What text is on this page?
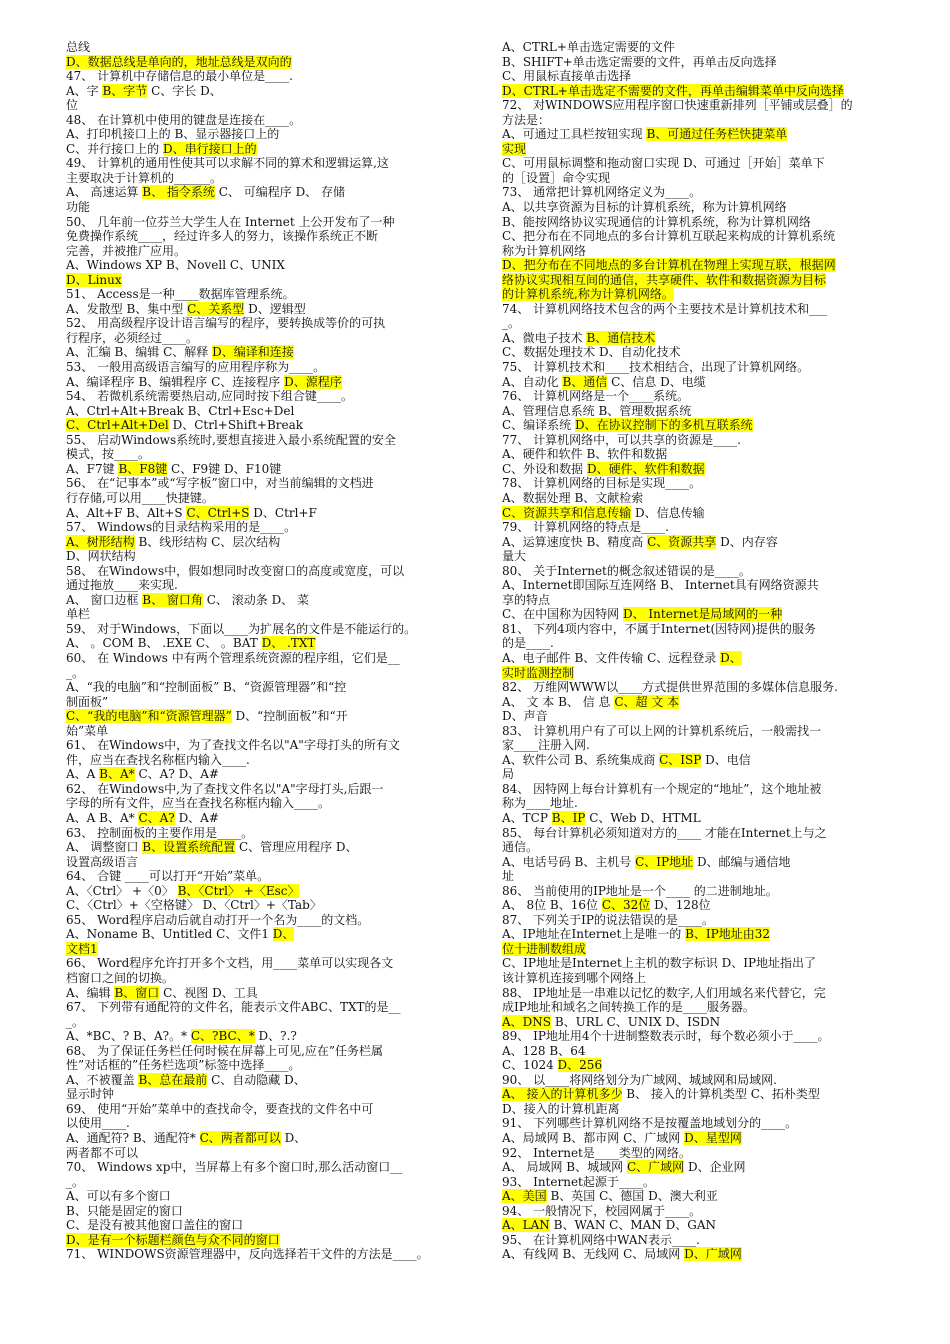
总线
D、数据总线是单向的，地址总线是双向的
47、 计算机中存储信息的最小单位是____.
A、字 B、字节 C、字长 D、
位
48、 在计算机中使用的键盘是连接在____。
A、打印机接口上的 B、显示器接口上的
C、并行接口上的 D、串行接口上的
49、 计算机的通用性使其可以求解不同的算术和逻辑运算,这
主要取决于计算机的______。
A、 高速运算 B、 指令系统 C、 可编程序 D、 存储
功能
50、 几年前一位芬兰大学生人在 Internet 上公开发布了一种
免费操作系统____，经过许多人的努力，该操作系统正不断
完善，并被推广应用。
A、Windows XP B、Novell C、UNIX
D、Linux
51、 Access是一种____数据库管理系统。
A、发散型 B、集中型 C、关系型 D、逻辑型
52、 用高级程序设计语言编写的程序，要转换成等价的可执
行程序，必须经过____。
A、汇编 B、编辑 C、解释 D、编译和连接
53、 一般用高级语言编写的应用程序称为____。
A、编译程序 B、编辑程序 C、连接程序 D、源程序
54、 若微机系统需要热启动,应同时按下组合键____。
A、Ctrl+Alt+Break B、Ctrl+Esc+Del
C、Ctrl+Alt+Del D、Ctrl+Shift+Break
55、 启动Windows系统时,要想直接进入最小系统配置的安全
模式，按____。
A、F7键 B、F8键 C、F9键 D、F10键
56、 在“记事本”或“写字板”窗口中，对当前编辑的文档进
行存储,可以用____快捷键。
A、Alt+F B、Alt+S C、Ctrl+S D、Ctrl+F
57、 Windows的目录结构采用的是____。
A、树形结构 B、线形结构 C、层次结构
D、网状结构
58、 在Windows中，假如想同时改变窗口的高度或宽度，可以
通过拖放____来实现.
A、 窗口边框 B、 窗口角 C、 滚动条 D、 菜
单栏
59、 对于Windows，下面以____为扩展名的文件是不能运行的。
A、 。COM B、 .EXE C、 。BAT D、 .TXT
60、 在 Windows 中有两个管理系统资源的程序组，它们是__
_。
A、“我的电脑”和“控制面板” B、“资源管理器”和“控
制面板”
C、“我的电脑”和“资源管理器” D、“控制面板”和“开
始”菜单
61、 在Windows中，为了查找文件名以"A"字母打头的所有文
件，应当在查找名称框内输入____.
A、A B、A* C、A? D、A#
62、 在Windows中,为了查找文件名以"A"字母打头,后跟一
字母的所有文件，应当在查找名称框内输入____。
A、A B、A* C、A? D、A#
63、 控制面板的主要作用是____。
A、 调整窗口 B、设置系统配置 C、管理应用程序 D、
设置高级语言
64、 合键 ____可以打开“开始”菜单。
A、〈Ctrl〉 +〈0〉 B、〈Ctrl〉 +〈Esc〉
C、〈Ctrl〉+〈空格键〉 D、〈Ctrl〉+〈Tab〉
65、 Word程序启动后就自动打开一个名为____的文档。
A、Noname B、Untitled C、文件1 D、
文档1
66、 Word程序允许打开多个文档，用____菜单可以实现各文
档窗口之间的切换。
A、编辑 B、窗口 C、视图 D、工具
67、 下列带有通配符的文件名，能表示文件ABC、TXT的是__
_。
A、*BC、? B、A?。* C、?BC、* D、?.?
68、 为了保证任务栏任何时候在屏幕上可见,应在”任务栏属
性”对话框的”任务栏选项”标签中选择____。
A、不被覆盖 B、总在最前 C、自动隐藏 D、
显示时钟
69、 使用“开始”菜单中的查找命令，要查找的文件名中可
以使用____.
A、通配符? B、通配符* C、两者都可以 D、
两者都不可以
70、 Windows xp中，当屏幕上有多个窗口时,那么活动窗口__
_。
A、可以有多个窗口
B、只能是固定的窗口
C、是没有被其他窗口盖住的窗口
D、是有一个标题栏颜色与众不同的窗口
71、 WINDOWS资源管理器中，反向选择若干文件的方法是____。
A、CTRL+单击选定需要的文件
B、SHIFT+单击选定需要的文件，再单击反向选择
C、用鼠标直接单击选择
D、CTRL+单击选定不需要的文件，再单击编辑菜单中反向选择
72、 对WINDOWS应用程序窗口快速重新排列［平铺或层叠］的
方法是：
A、可通过工具栏按钮实现 B、可通过任务栏快捷菜单
实现
C、可用鼠标调整和拖动窗口实现 D、可通过［开始］菜单下
的［设置］命令实现
73、 通常把计算机网络定义为____。
A、以共享资源为目标的计算机系统，称为计算机网络
B、能按网络协议实现通信的计算机系统，称为计算机网络
C、把分布在不同地点的多台计算机互联起来构成的计算机系统
称为计算机网络
D、把分布在不同地点的多台计算机在物理上实现互联，根据网
络协议实现相互间的通信，共享硬件、软件和数据资源为目标
的计算机系统,称为计算机网络。
74、 计算机网络技术包含的两个主要技术是计算机技术和___
_。
A、微电子技术 B、通信技术
C、数据处理技术 D、自动化技术
75、 计算机技术和____技术相结合，出现了计算机网络。
A、自动化 B、通信 C、信息 D、电缆
76、 计算机网络是一个____系统。
A、管理信息系统 B、管理数据系统
C、编译系统 D、在协议控制下的多机互联系统
77、 计算机网络中，可以共享的资源是____.
A、硬件和软件 B、软件和数据
C、外设和数据 D、硬件、软件和数据
78、 计算机网络的目标是实现____。
A、数据处理 B、文献检索
C、资源共享和信息传输 D、信息传输
79、 计算机网络的特点是____.
A、运算速度快 B、精度高 C、资源共享 D、内存容
量大
80、 关于Internet的概念叙述错误的是____。
A、Internet即国际互连网络 B、 Internet具有网络资源共
享的特点
C、在中国称为因特网 D、 Internet是局域网的一种
81、 下列4项内容中，不属于Internet(因特网)提供的服务
的是____.
A、电子邮件 B、文件传输 C、远程登录 D、
实时监测控制
82、 万维网WWW以____方式提供世界范围的多媒体信息服务.
A、 文 本 B、 信 息 C、超 文 本
D、声音
83、 计算机用户有了可以上网的计算机系统后，一般需找一
家____注册入网.
A、软件公司 B、系统集成商 C、ISP D、电信
局
84、 因特网上每台计算机有一个规定的“地址”，这个地址被
称为____地址.
A、TCP B、IP C、Web D、HTML
85、 每台计算机必须知道对方的____ 才能在Internet上与之
通信。
A、电话号码 B、主机号 C、IP地址 D、邮编与通信地
址
86、 当前使用的IP地址是一个____ 的二进制地址。
A、 8位 B、16位 C、32位 D、128位
87、 下列关于IP的说法错误的是____。
A、IP地址在Internet上是唯一的 B、IP地址由32
位十进制数组成
C、IP地址是Internet上主机的数字标识 D、IP地址指出了
该计算机连接到哪个网络上
88、 IP地址是一串难以记忆的数字,人们用域名来代替它，完
成IP地址和域名之间转换工作的是____服务器。
A、DNS B、URL C、UNIX D、ISDN
89、 IP地址用4个十进制整数表示时，每个数必须小于____。
A、128 B、64
C、1024 D、256
90、 以____将网络划分为广域网、城域网和局域网.
A、 接入的计算机多少 B、 接入的计算机类型 C、拓朴类型
D、接入的计算机距离
91、 下列哪些计算机网络不是按覆盖地域划分的____。
A、局域网 B、都市网 C、广域网 D、星型网
92、 Internet是____类型的网络。
A、 局域网 B、城域网 C、广域网 D、企业网
93、 Internet起源于____。
A、美国 B、英国 C、德国 D、澳大利亚
94、 一般情况下，校园网属于____。
A、LAN B、WAN C、MAN D、GAN
95、 在计算机网络中WAN表示____.
A、有线网 B、无线网 C、局域网 D、广域网
